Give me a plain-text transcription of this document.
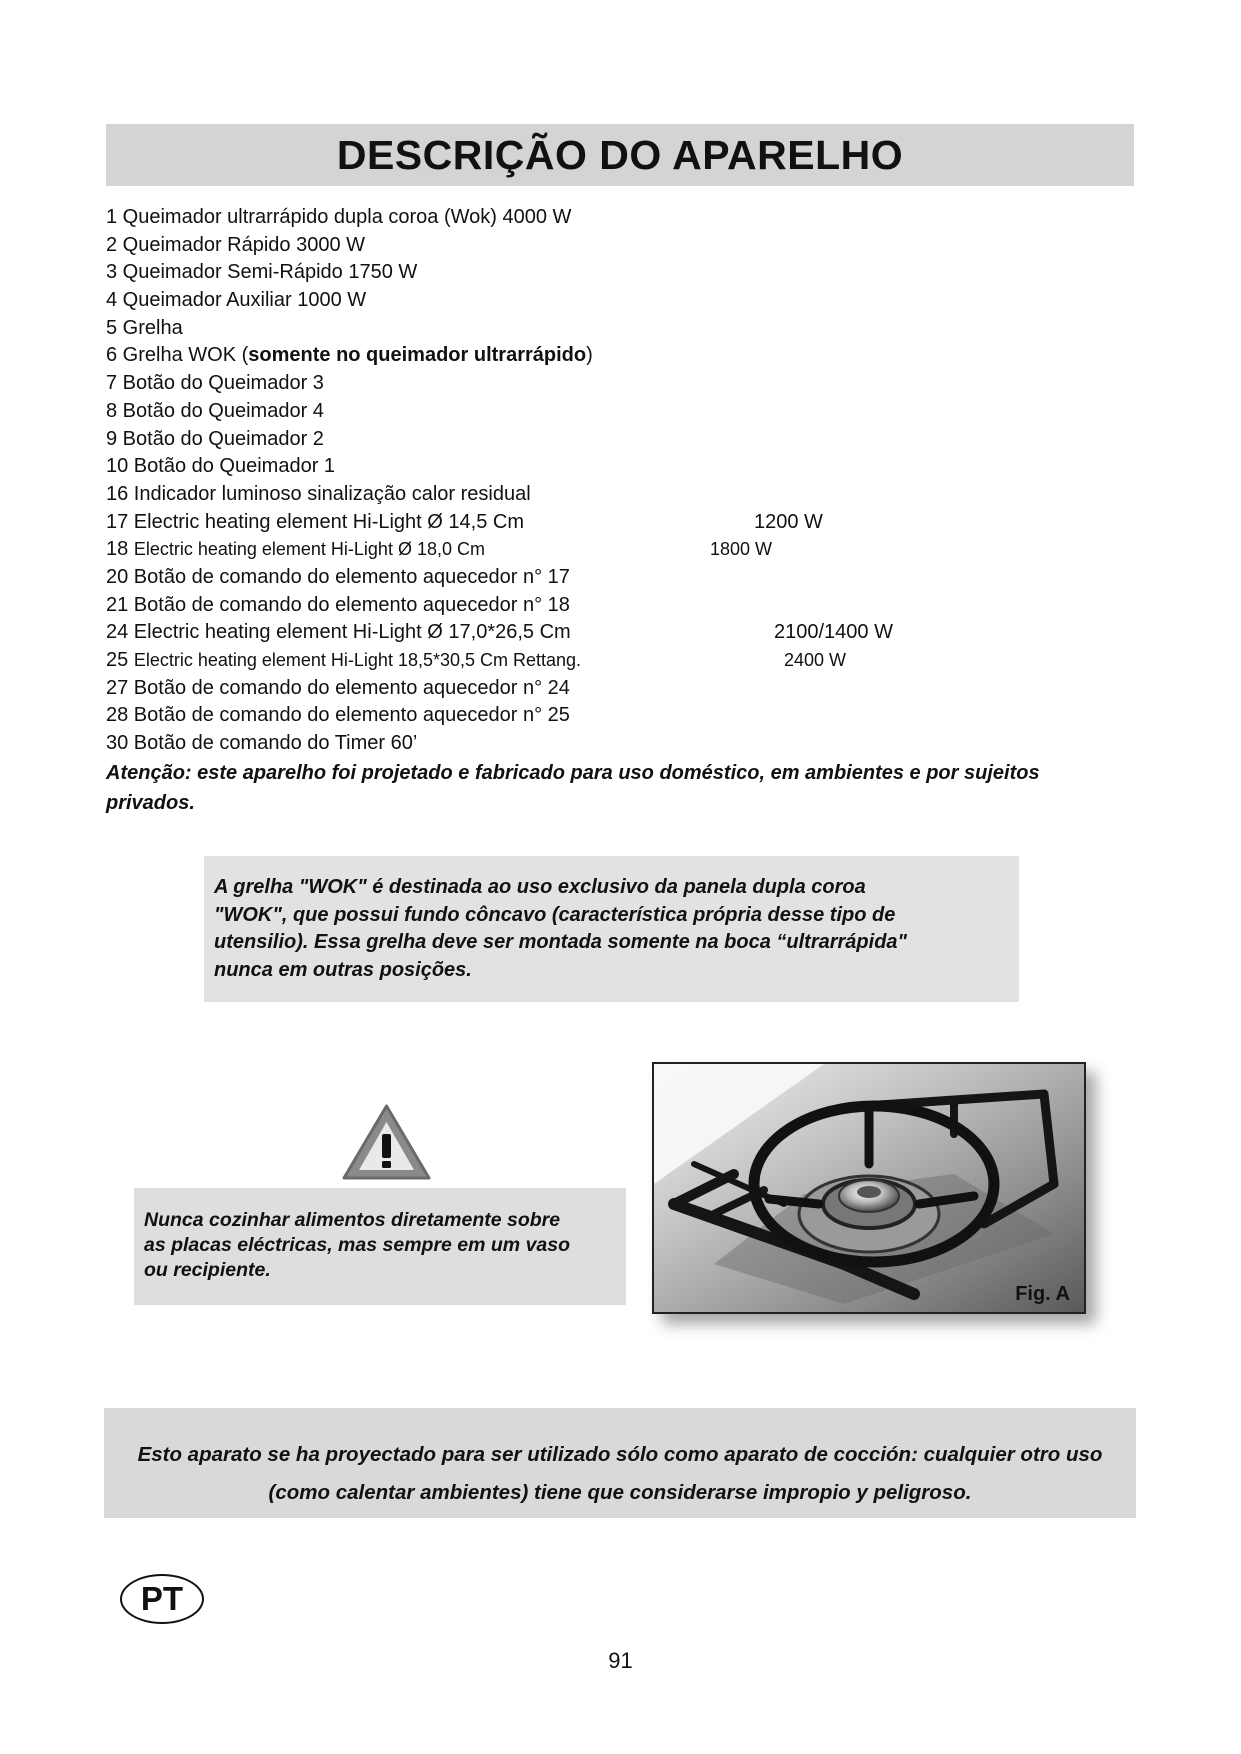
DESCRIÇÃO DO APARELHO
1 Queimador ultrarrápido dupla coroa (Wok) 4000 W
2 Queimador Rápido 3000 W
3 Queimador Semi-Rápido 1750 W
4 Queimador Auxiliar 1000 W
5 Grelha
6 Grelha WOK (somente no queimador ultrarrápido)
7 Botão do Queimador 3
8 Botão do Queimador 4
9 Botão do Queimador 2
10 Botão do Queimador 1
16 Indicador luminoso sinalização calor residual
17 Electric heating element Hi-Light Ø 14,5 Cm	1200 W
18 Electric heating element Hi-Light Ø 18,0 Cm	1800 W
20 Botão de comando do elemento aquecedor n° 17
21 Botão de comando do elemento aquecedor n° 18
24 Electric heating element Hi-Light Ø 17,0*26,5 Cm	2100/1400 W
25 Electric heating element Hi-Light 18,5*30,5 Cm Rettang.	2400 W
27 Botão de comando do elemento aquecedor n° 24
28 Botão de comando do elemento aquecedor n° 25
30 Botão de comando do Timer 60’

Atenção: este aparelho foi projetado e fabricado para uso doméstico, em ambientes e por sujeitos
privados.

A grelha "WOK" é destinada ao uso exclusivo da panela dupla coroa
"WOK", que possui fundo côncavo (característica própria desse tipo de
utensilio). Essa grelha deve ser montada somente na boca “ultrarrápida"
nunca em outras posições.

Nunca cozinhar alimentos diretamente sobre
as placas eléctricas, mas sempre em um vaso
ou recipiente.

Fig. A

Esto aparato se ha proyectado para ser utilizado sólo como aparato de cocción: cualquier otro uso
(como calentar ambientes) tiene que considerarse impropio y peligroso.

PT
91
